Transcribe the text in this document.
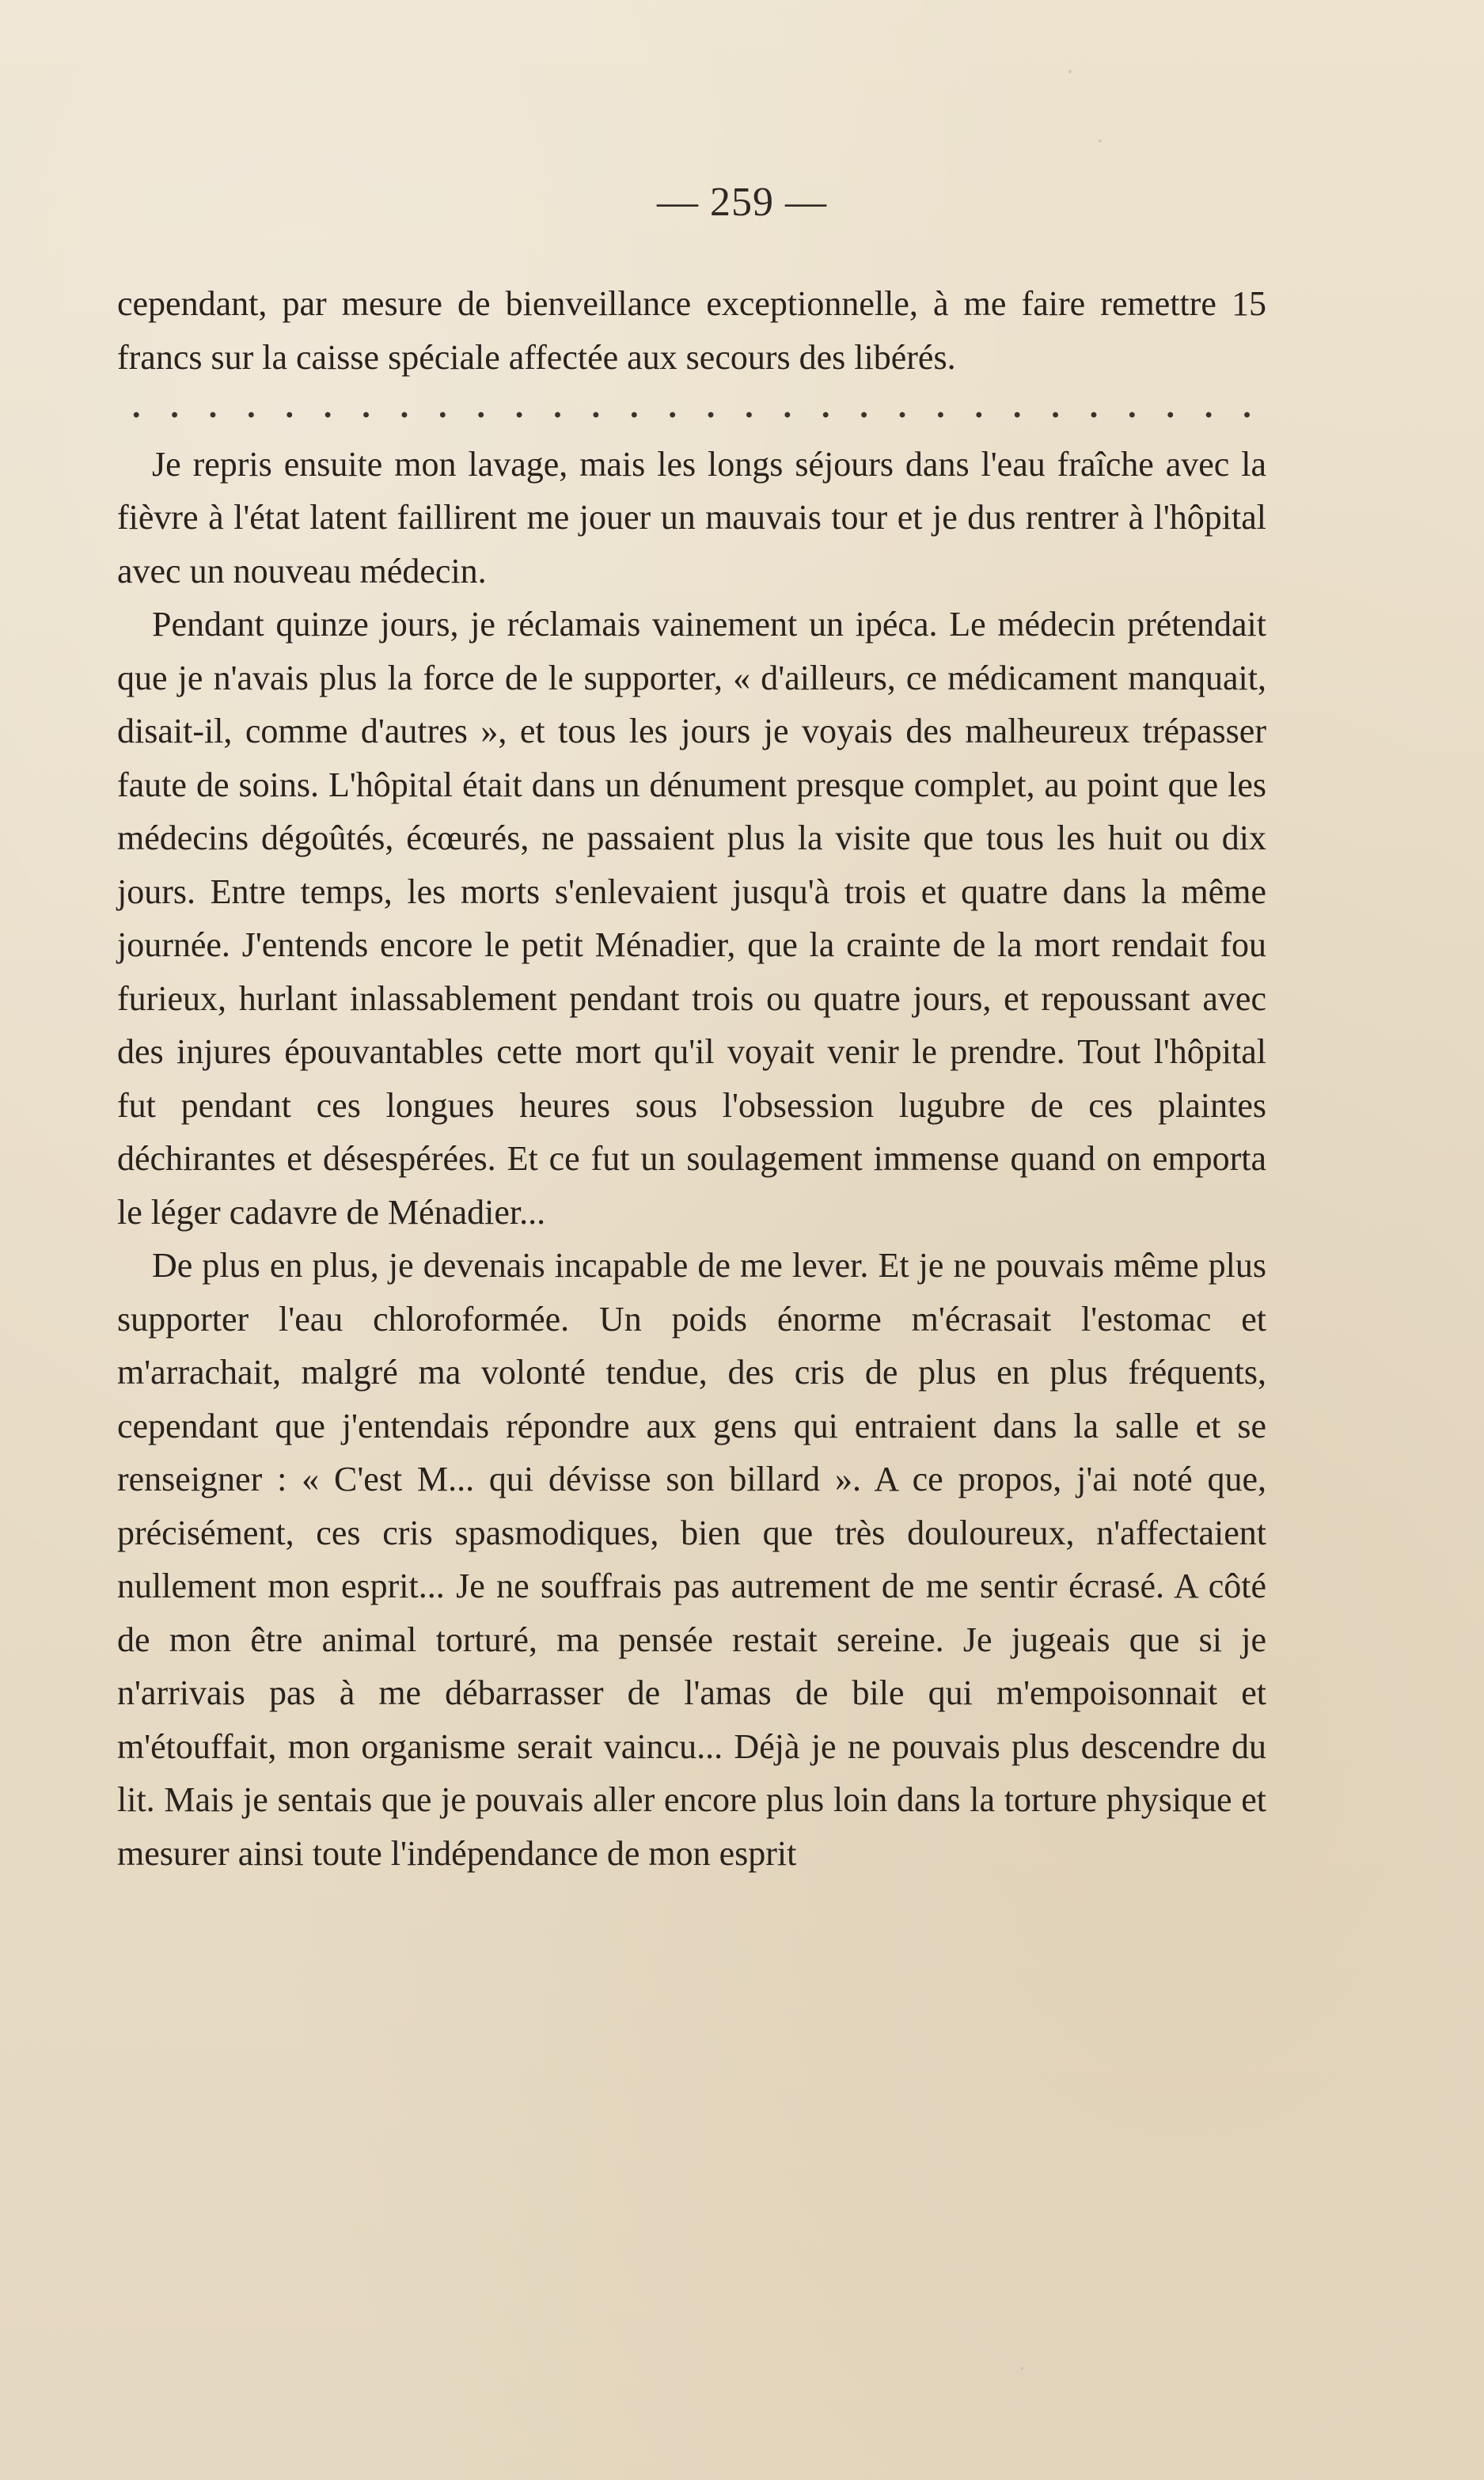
— 259 —

cependant, par mesure de bienveillance exceptionnelle, à me faire remettre 15 francs sur la caisse spéciale affectée aux secours des libérés.

Je repris ensuite mon lavage, mais les longs séjours dans l'eau fraîche avec la fièvre à l'état latent faillirent me jouer un mauvais tour et je dus rentrer à l'hôpital avec un nouveau médecin.

Pendant quinze jours, je réclamais vainement un ipéca. Le médecin prétendait que je n'avais plus la force de le supporter, « d'ailleurs, ce médicament manquait, disait-il, comme d'autres », et tous les jours je voyais des malheureux trépasser faute de soins. L'hôpital était dans un dénument presque complet, au point que les médecins dégoûtés, écœurés, ne passaient plus la visite que tous les huit ou dix jours. Entre temps, les morts s'enlevaient jusqu'à trois et quatre dans la même journée. J'entends encore le petit Ménadier, que la crainte de la mort rendait fou furieux, hurlant inlassablement pendant trois ou quatre jours, et repoussant avec des injures épouvantables cette mort qu'il voyait venir le prendre. Tout l'hôpital fut pendant ces longues heures sous l'obsession lugubre de ces plaintes déchirantes et désespérées. Et ce fut un soulagement immense quand on emporta le léger cadavre de Ménadier...

De plus en plus, je devenais incapable de me lever. Et je ne pouvais même plus supporter l'eau chloroformée. Un poids énorme m'écrasait l'estomac et m'arrachait, malgré ma volonté tendue, des cris de plus en plus fréquents, cependant que j'entendais répondre aux gens qui entraient dans la salle et se renseigner : « C'est M... qui dévisse son billard ». A ce propos, j'ai noté que, précisément, ces cris spasmodiques, bien que très douloureux, n'affectaient nullement mon esprit... Je ne souffrais pas autrement de me sentir écrasé. A côté de mon être animal torturé, ma pensée restait sereine. Je jugeais que si je n'arrivais pas à me débarrasser de l'amas de bile qui m'empoisonnait et m'étouffait, mon organisme serait vaincu... Déjà je ne pouvais plus descendre du lit. Mais je sentais que je pouvais aller encore plus loin dans la torture physique et mesurer ainsi toute l'indépendance de mon esprit
